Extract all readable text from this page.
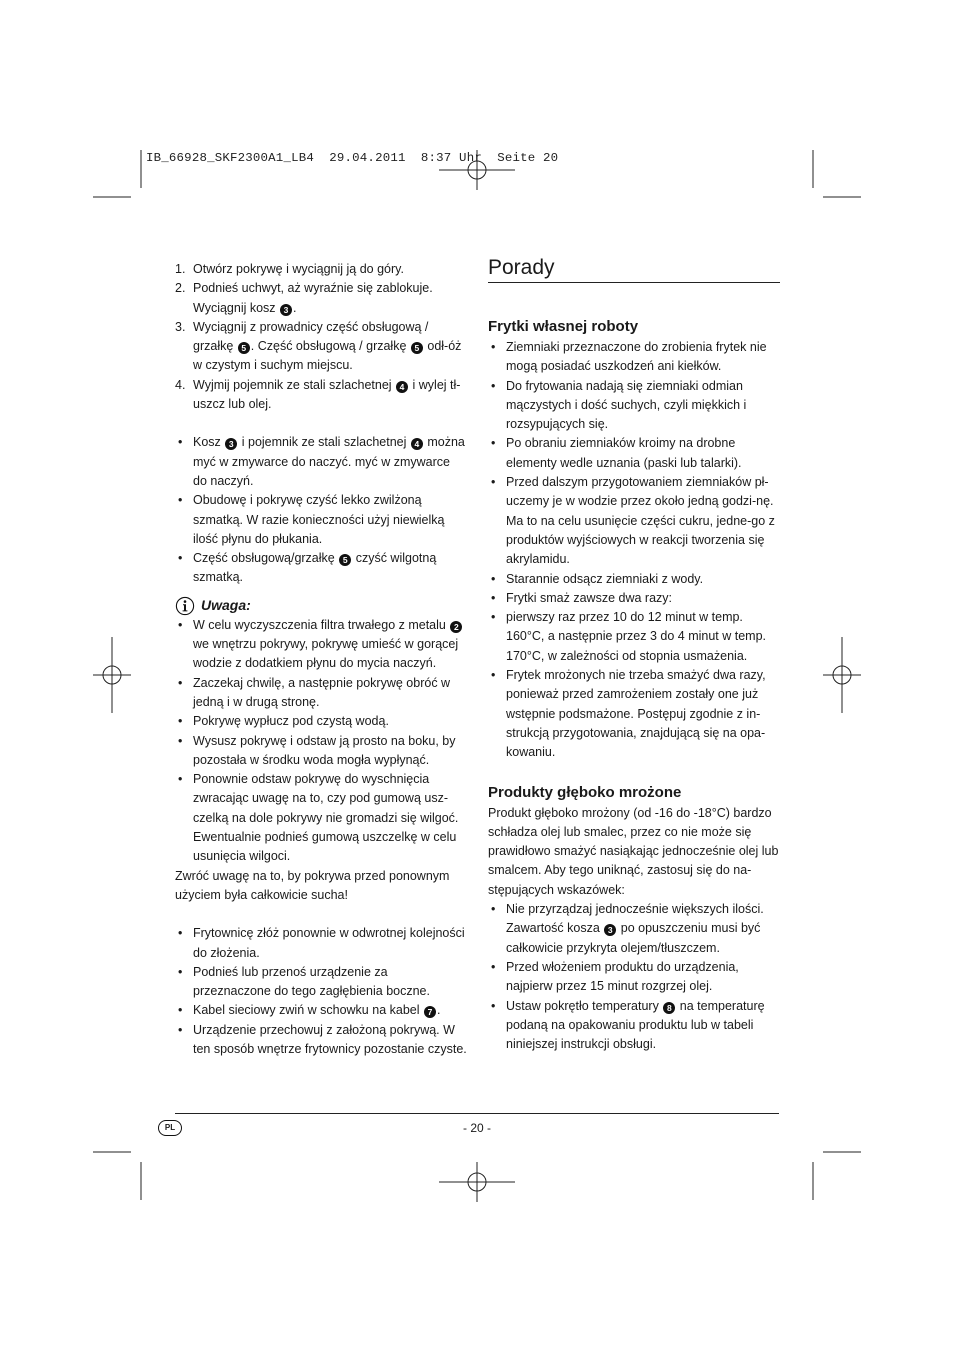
IB_66928_SKF2300A1_LB4  29.04.2011  8:37 Uhr  Seite 20
1. Otwórz pokrywę i wyciągnij ją do góry.
2. Podnieś uchwyt, aż wyraźnie się zablokuje. Wyciągnij kosz 3 .
3. Wyciągnij z prowadnicy część obsługową / grzałkę 5 . Część obsługową / grzałkę 5 odł-óż w czystym i suchym miejscu.
4. Wyjmij pojemnik ze stali szlachetnej 4 i wylej tł-uszcz lub olej.
• Kosz 3 i pojemnik ze stali szlachetnej 4 można myć w zmywarce do naczyć. myć w zmywarce do naczyń.
• Obudowę i pokrywę czyść lekko zwilżoną szmatką. W razie konieczności użyj niewielką ilość płynu do płukania.
• Część obsługową/grzałkę 5 czyść wilgotną szmatką.
Uwaga:
• W celu wyczyszczenia filtra trwałego z metalu 2 we wnętrzu pokrywy, pokrywę umieść w gorącej wodzie z dodatkiem płynu do mycia naczyń.
• Zaczekaj chwilę, a następnie pokrywę obróć w jedną i w drugą stronę.
• Pokrywę wypłucz pod czystą wodą.
• Wysusz pokrywę i odstaw ją prosto na boku, by pozostała w środku woda mogła wypłynąć.
• Ponownie odstaw pokrywę do wyschnięcia zwracając uwagę na to, czy pod gumową usz-czelką na dole pokrywy nie gromadzi się wilgoć. Ewentualnie podnieś gumową uszczelkę w celu usunięcia wilgoci.
Zwróć uwagę na to, by pokrywa przed ponownym użyciem była całkowicie sucha!
• Frytownicę złóż ponownie w odwrotnej kolejności do złożenia.
• Podnieś lub przenoś urządzenie za przeznaczone do tego zagłębienia boczne.
• Kabel sieciowy zwiń w schowku na kabel 7 .
• Urządzenie przechowuj z założoną pokrywą. W ten sposób wnętrze frytownicy pozostanie czyste.
Porady
Frytki własnej roboty
• Ziemniaki przeznaczone do zrobienia frytek nie mogą posiadać uszkodzeń ani kiełków.
• Do frytowania nadają się ziemniaki odmian mączystych i dość suchych, czyli miękkich i rozsypujących się.
• Po obraniu ziemniaków kroimy na drobne elementy wedle uznania (paski lub talarki).
• Przed dalszym przygotowaniem ziemniaków pł-uczemy je w wodzie przez około jedną godzi-nę. Ma to na celu usunięcie części cukru, jedne-go z produktów wyjściowych w reakcji tworzenia się akrylamidu.
• Starannie odsącz ziemniaki z wody.
• Frytki smaż zawsze dwa razy:
• pierwszy raz przez 10 do 12 minut w temp. 160°C, a następnie przez 3 do 4 minut w temp. 170°C, w zależności od stopnia usmażenia.
• Frytek mrożonych nie trzeba smażyć dwa razy, ponieważ przed zamrożeniem zostały one już wstępnie podsmażone. Postępuj zgodnie z in-strukcją przygotowania, znajdującą się na opa-kowaniu.
Produkty głęboko mrożone
Produkt głęboko mrożony (od -16 do -18°C) bardzo schładza olej lub smalec, przez co nie może się prawidłowo smażyć nasiąkając jednocześnie olej lub smalcem. Aby tego uniknąć, zastosuj się do na-stępujących wskazówek:
• Nie przyrządzaj jednocześnie większych ilości. Zawartość kosza 3 po opuszczeniu musi być całkowicie przykryta olejem/tłuszczem.
• Przed włożeniem produktu do urządzenia, najpierw przez 15 minut rozgrzej olej.
• Ustaw pokrętło temperatury 8 na temperaturę podaną na opakowaniu produktu lub w tabeli niniejszej instrukcji obsługi.
PL	- 20 -
